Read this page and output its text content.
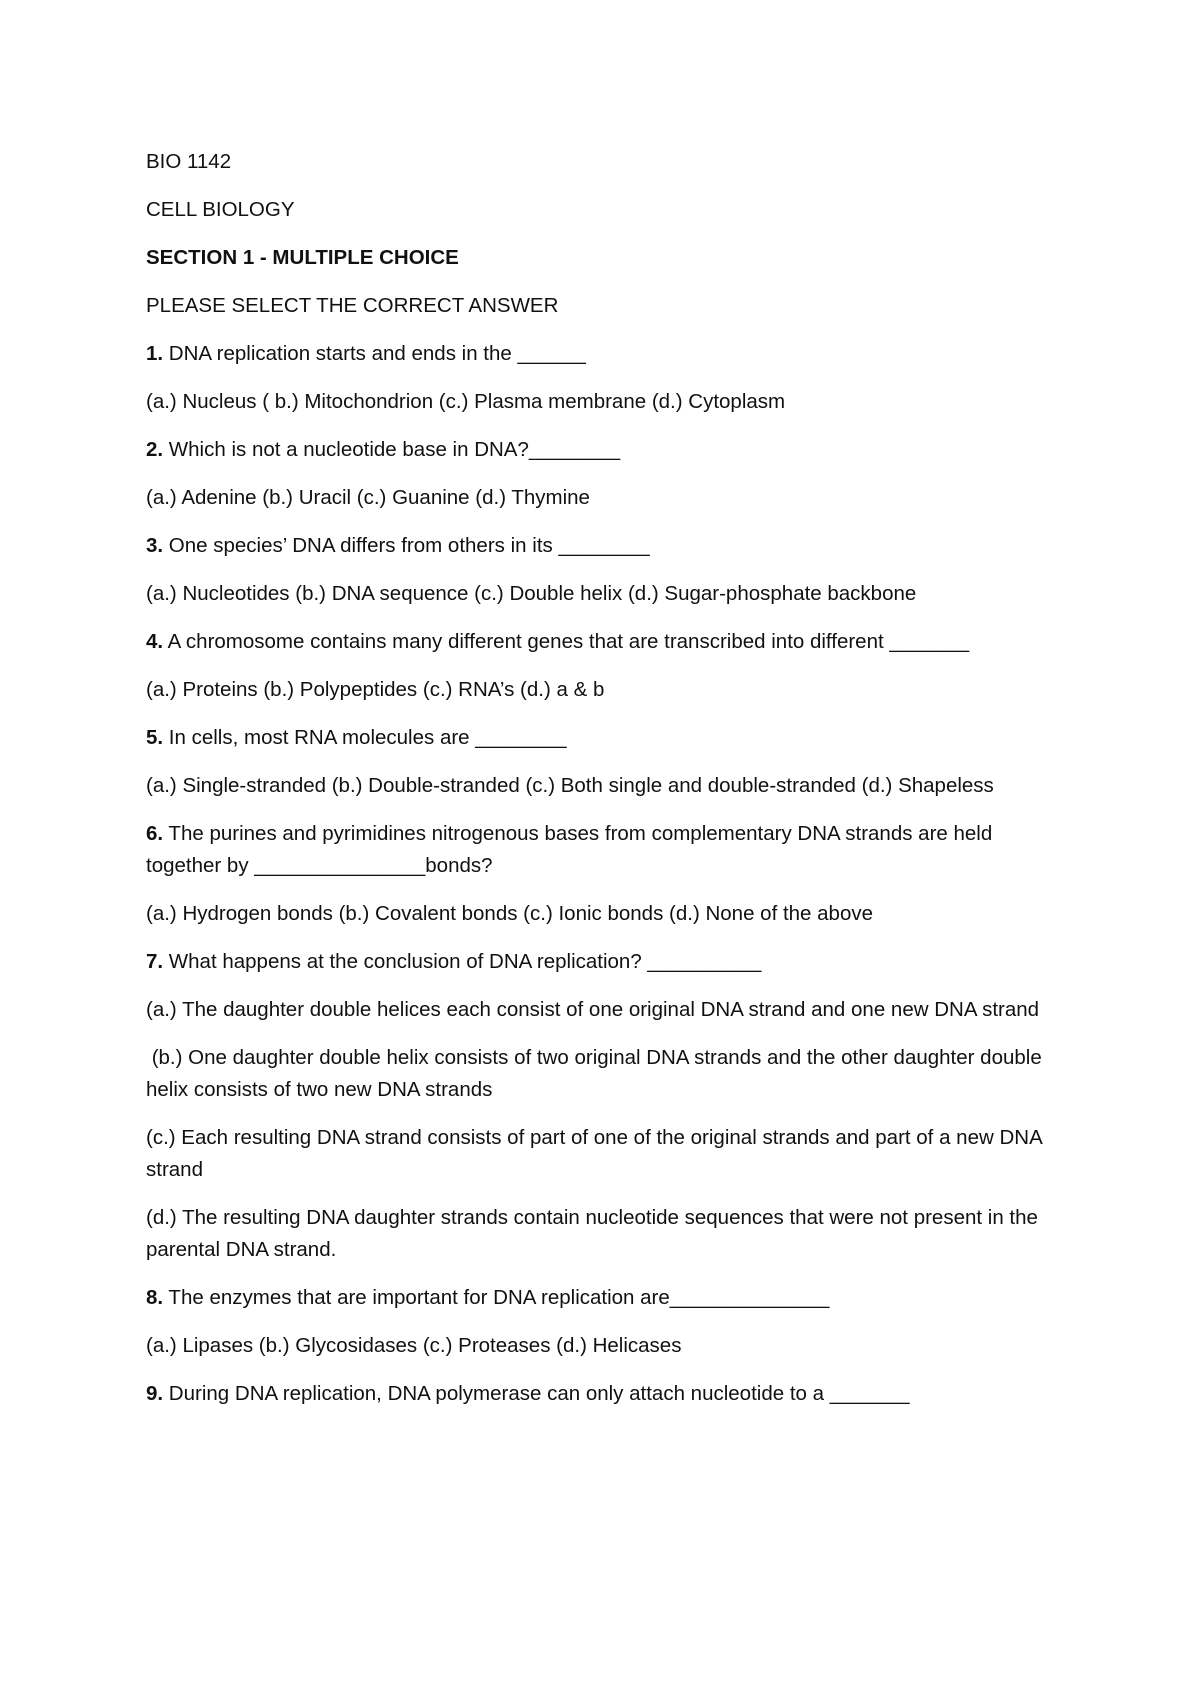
BIO 1142

CELL BIOLOGY

SECTION 1 - MULTIPLE CHOICE

PLEASE SELECT THE CORRECT ANSWER

1. DNA replication starts and ends in the ______

(a.) Nucleus ( b.) Mitochondrion (c.) Plasma membrane (d.) Cytoplasm

2. Which is not a nucleotide base in DNA?________

(a.) Adenine (b.) Uracil (c.) Guanine (d.) Thymine

3. One species’ DNA differs from others in its ________

(a.) Nucleotides (b.) DNA sequence (c.) Double helix (d.) Sugar-phosphate backbone

4. A chromosome contains many different genes that are transcribed into different _______

(a.) Proteins (b.) Polypeptides (c.) RNA’s (d.) a & b

5. In cells, most RNA molecules are ________

(a.) Single-stranded (b.) Double-stranded (c.) Both single and double-stranded (d.) Shapeless

6. The purines and pyrimidines nitrogenous bases from complementary DNA strands are held together by _______________bonds?

(a.) Hydrogen bonds (b.) Covalent bonds (c.) Ionic bonds (d.) None of the above

7. What happens at the conclusion of DNA replication? __________

(a.) The daughter double helices each consist of one original DNA strand and one new DNA strand

(b.) One daughter double helix consists of two original DNA strands and the other daughter double helix consists of two new DNA strands

(c.) Each resulting DNA strand consists of part of one of the original strands and part of a new DNA strand

(d.) The resulting DNA daughter strands contain nucleotide sequences that were not present in the parental DNA strand.

8. The enzymes that are important for DNA replication are______________

(a.) Lipases (b.) Glycosidases (c.) Proteases (d.) Helicases

9. During DNA replication, DNA polymerase can only attach nucleotide to a _______
